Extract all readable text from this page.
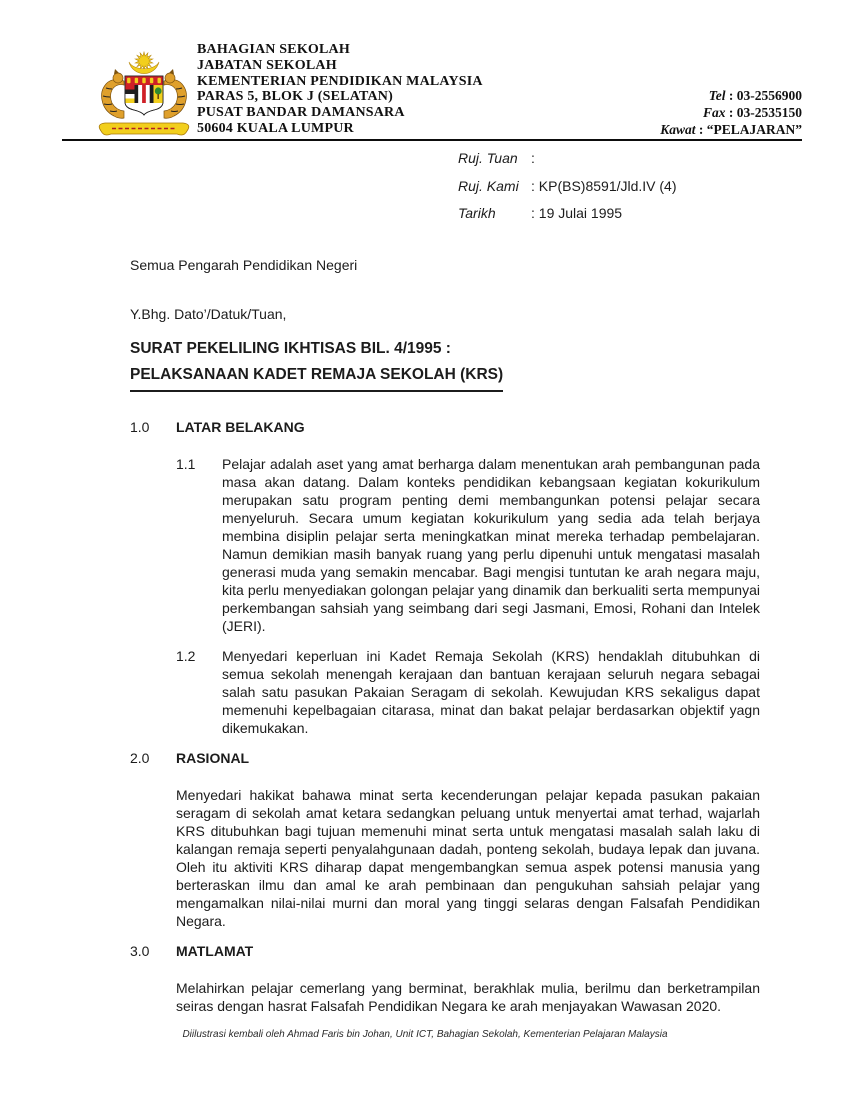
BAHAGIAN SEKOLAH
JABATAN SEKOLAH
KEMENTERIAN PENDIDIKAN MALAYSIA
PARAS 5, BLOK J (SELATAN)
PUSAT BANDAR DAMANSARA
50604 KUALA LUMPUR
Tel : 03-2556900
Fax : 03-2535150
Kawat : “PELAJARAN”
Ruj. Tuan :
Ruj. Kami : KP(BS)8591/Jld.IV (4)
Tarikh	: 19 Julai 1995

Semua Pengarah Pendidikan Negeri

Y.Bhg. Dato’/Datuk/Tuan,

SURAT PEKELILING IKHTISAS BIL. 4/1995 :
PELAKSANAAN KADET REMAJA SEKOLAH (KRS)
1.0	LATAR BELAKANG
1.1	Pelajar adalah aset yang amat berharga dalam menentukan arah pembangunan pada masa akan datang. Dalam konteks pendidikan kebangsaan kegiatan kokurikulum merupakan satu program penting demi membangunkan potensi pelajar secara menyeluruh. Secara umum kegiatan kokurikulum yang sedia ada telah berjaya membina disiplin pelajar serta meningkatkan minat mereka terhadap pembelajaran. Namun demikian masih banyak ruang yang perlu dipenuhi untuk mengatasi masalah generasi muda yang semakin mencabar. Bagi mengisi tuntutan ke arah negara maju, kita perlu menyediakan golongan pelajar yang dinamik dan berkualiti serta mempunyai perkembangan sahsiah yang seimbang dari segi Jasmani, Emosi, Rohani dan Intelek (JERI).

1.2	Menyedari keperluan ini Kadet Remaja Sekolah (KRS) hendaklah ditubuhkan di semua sekolah menengah kerajaan dan bantuan kerajaan seluruh negara sebagai salah satu pasukan Pakaian Seragam di sekolah. Kewujudan KRS sekaligus dapat memenuhi kepelbagaian citarasa, minat dan bakat pelajar berdasarkan objektif yagn dikemukakan.

2.0	RASIONAL

Menyedari hakikat bahawa minat serta kecenderungan pelajar kepada pasukan pakaian seragam di sekolah amat ketara sedangkan peluang untuk menyertai amat terhad, wajarlah KRS ditubuhkan bagi tujuan memenuhi minat serta untuk mengatasi masalah salah laku di kalangan remaja seperti penyalahgunaan dadah, ponteng sekolah, budaya lepak dan juvana. Oleh itu aktiviti KRS diharap dapat mengembangkan semua aspek potensi manusia yang berteraskan ilmu dan amal ke arah pembinaan dan pengukuhan sahsiah pelajar yang mengamalkan nilai-nilai murni dan moral yang tinggi selaras dengan Falsafah Pendidikan Negara.

3.0	MATLAMAT

Melahirkan pelajar cemerlang yang berminat, berakhlak mulia, berilmu dan berketrampilan seiras dengan hasrat Falsafah Pendidikan Negara ke arah menjayakan Wawasan 2020.

Diilustrasi kembali oleh Ahmad Faris bin Johan, Unit ICT, Bahagian Sekolah, Kementerian Pelajaran Malaysia
